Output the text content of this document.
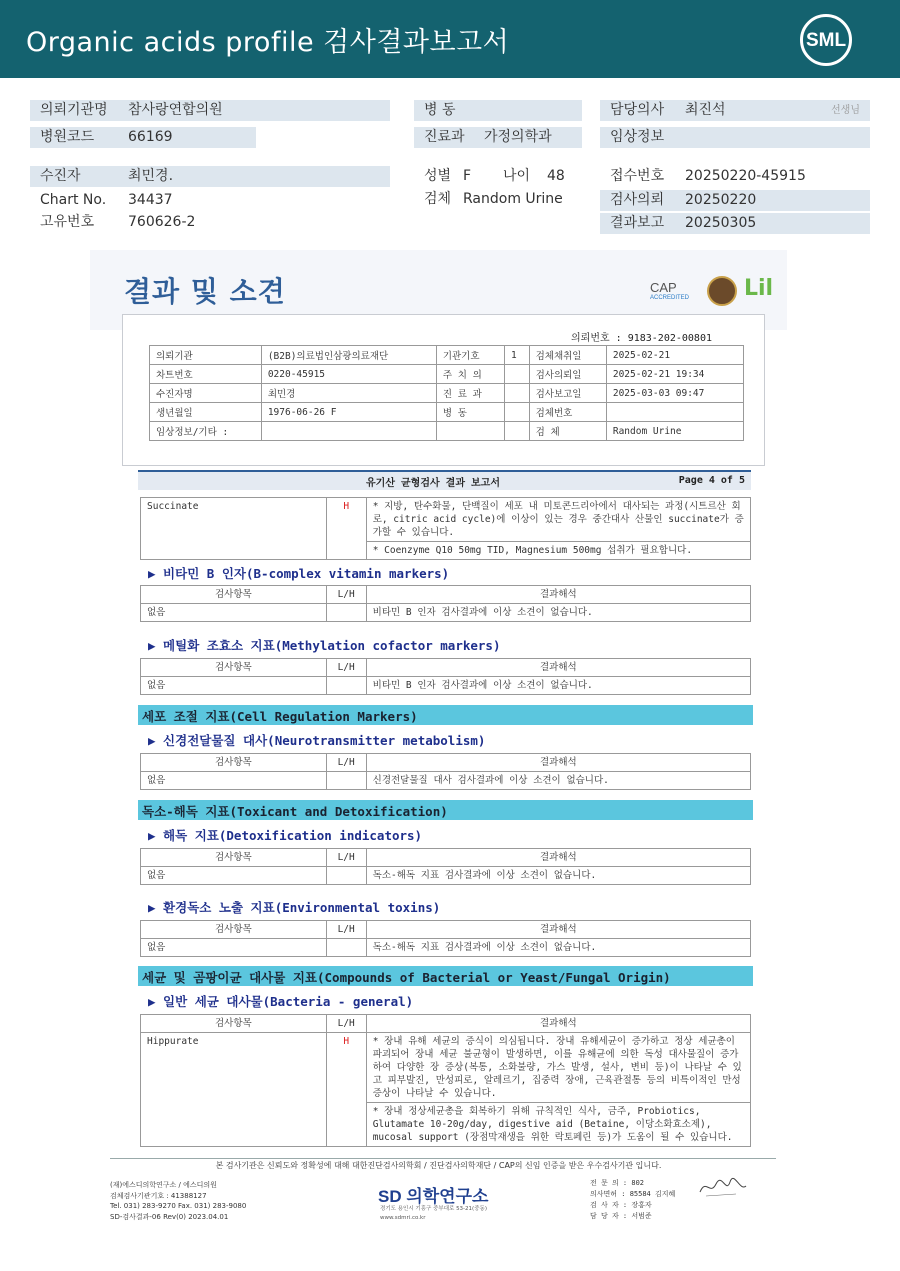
Organic acids profile 검사결과보고서	SML
의뢰기관명 참사랑연합의원
병원코드 66169
병 동
진료과 가정의학과
담당의사 최진석	선생님
임상정보
수진자	최민경.
Chart No. 34437
고유번호 760626-2
성별 F 나이 48
검체 Random Urine
접수번호 20250220-45915
검사의뢰 20250220
결과보고 20250305
결과 및 소견	CAP
ACCREDITED Lil
의뢰번호 : 9183-202-00801
의뢰기관	(B2B)의료법인삼광의료재단	기관기호	1	검체채취일	2025-02-21
차트번호	0220-45915	주 치 의		검사의뢰일	2025-02-21 19:34
수진자명	최민경	진 료 과		검사보고일	2025-03-03 09:47
생년월일	1976-06-26 F	병 동		검체번호	
임상정보/기타 :				검 체	Random Urine
유기산 균형검사 결과 보고서	Page 4 of 5
Succinate	H	* 지방, 탄수화물, 단백질이 세포 내 미토콘드리아에서 대사되는 과정(시트르산 회로, citric acid cycle)에 이상이 있는 경우 중간대사 산물인 succinate가 증가할 수 있습니다.
* Coenzyme Q10 50mg TID, Magnesium 500mg 섭취가 필요합니다.
▶ 비타민 B 인자(B-complex vitamin markers)
검사항목	L/H	결과해석
없음		비타민 B 인자 검사결과에 이상 소견이 없습니다.
▶ 메틸화 조효소 지표(Methylation cofactor markers)
검사항목	L/H	결과해석
없음		비타민 B 인자 검사결과에 이상 소견이 없습니다.
세포 조절 지표(Cell Regulation Markers)
▶ 신경전달물질 대사(Neurotransmitter metabolism)
검사항목	L/H	결과해석
없음		신경전달물질 대사 검사결과에 이상 소견이 없습니다.
독소-해독 지표(Toxicant and Detoxification)
▶ 해독 지표(Detoxification indicators)
검사항목	L/H	결과해석
없음		독소-해독 지표 검사결과에 이상 소견이 없습니다.
▶ 환경독소 노출 지표(Environmental toxins)
검사항목	L/H	결과해석
없음		독소-해독 지표 검사결과에 이상 소견이 없습니다.
세균 및 곰팡이균 대사물 지표(Compounds of Bacterial or Yeast/Fungal Origin)
▶ 일반 세균 대사물(Bacteria - general)
검사항목	L/H	결과해석
Hippurate	H	* 장내 유해 세균의 증식이 의심됩니다. 장내 유해세균이 증가하고 정상 세균총이 파괴되어 장내 세균 불균형이 발생하면, 이를 유해균에 의한 독성 대사물질이 증가하여 다양한 장 증상(복통, 소화불량, 가스 발생, 설사, 변비 등)이 나타날 수 있고 피부발진, 만성피로, 알레르기, 집중력 장애, 근육관절통 등의 비특이적인 만성증상이 나타날 수 있습니다.
		* 장내 정상세균총을 회복하기 위해 규칙적인 식사, 금주, Probiotics, Glutamate 10-20g/day, digestive aid (Betaine, 이당소화효소제), mucosal support (장점막재생을 위한 락토페린 등)가 도움이 될 수 있습니다.
본 검사기관은 신뢰도와 정확성에 대해 대한진단검사의학회 / 진단검사의학재단 / CAP의 신임 인증을 받은 우수검사기관 입니다.
(재)에스디의학연구소 / 에스디의원
검체검사기관기호 : 41388127
Tel. 031) 283-9270 Fax. 031) 283-9080
SD-검사결과-06 Rev(0) 2023.04.01
SD 의학연구소
경기도 용인시 기흥구 중부대로 53-21(중동)
www.sdmri.co.kr
전 문 의 : 802
의사면허 : 85584 김지혜
검 사 자 : 장홍자
담 당 자 : 서범준
